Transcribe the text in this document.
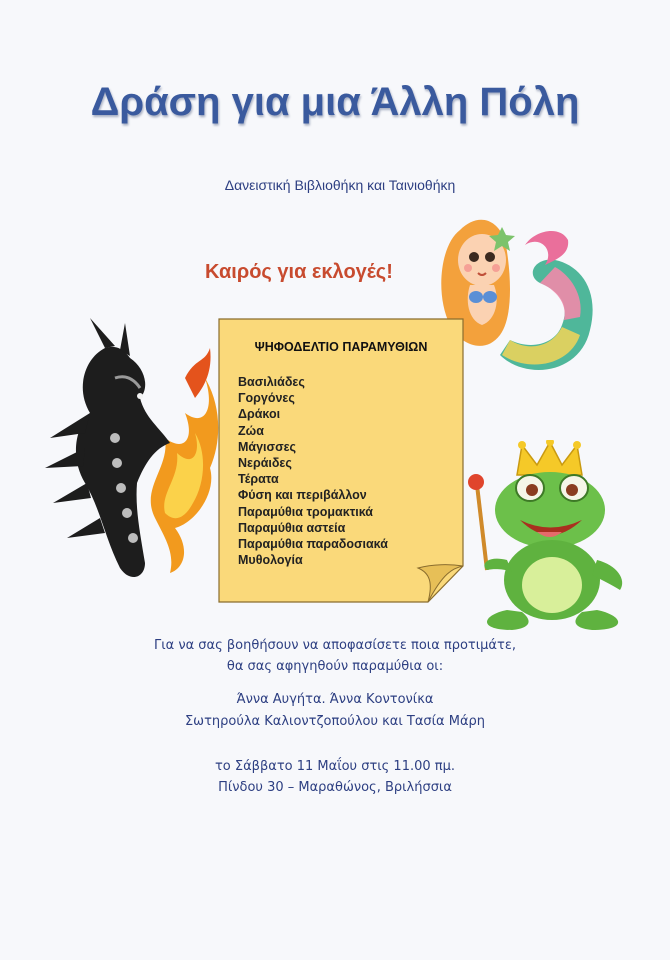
Δράση για μια Άλλη Πόλη
Δανειστική Βιβλιοθήκη και Ταινιοθήκη
Καιρός για εκλογές!
ΨΗΦΟΔΕΛΤΙΟ ΠΑΡΑΜΥΘΙΩΝ
Βασιλιάδες
Γοργόνες
Δράκοι
Ζώα
Μάγισσες
Νεράιδες
Τέρατα
Φύση και περιβάλλον
Παραμύθια τρομακτικά
Παραμύθια αστεία
Παραμύθια παραδοσιακά
Μυθολογία
Για να σας βοηθήσουν να αποφασίσετε ποια προτιμάτε,
θα σας αφηγηθούν παραμύθια οι:
Άννα Αυγήτα. Άννα Κοντονίκα
Σωτηρούλα Καλιοντζοπούλου και Τασία Μάρη
το Σάββατο 11 Μαΐου στις 11.00 πμ.
Πίνδου 30 – Μαραθώνος, Βριλήσσια
